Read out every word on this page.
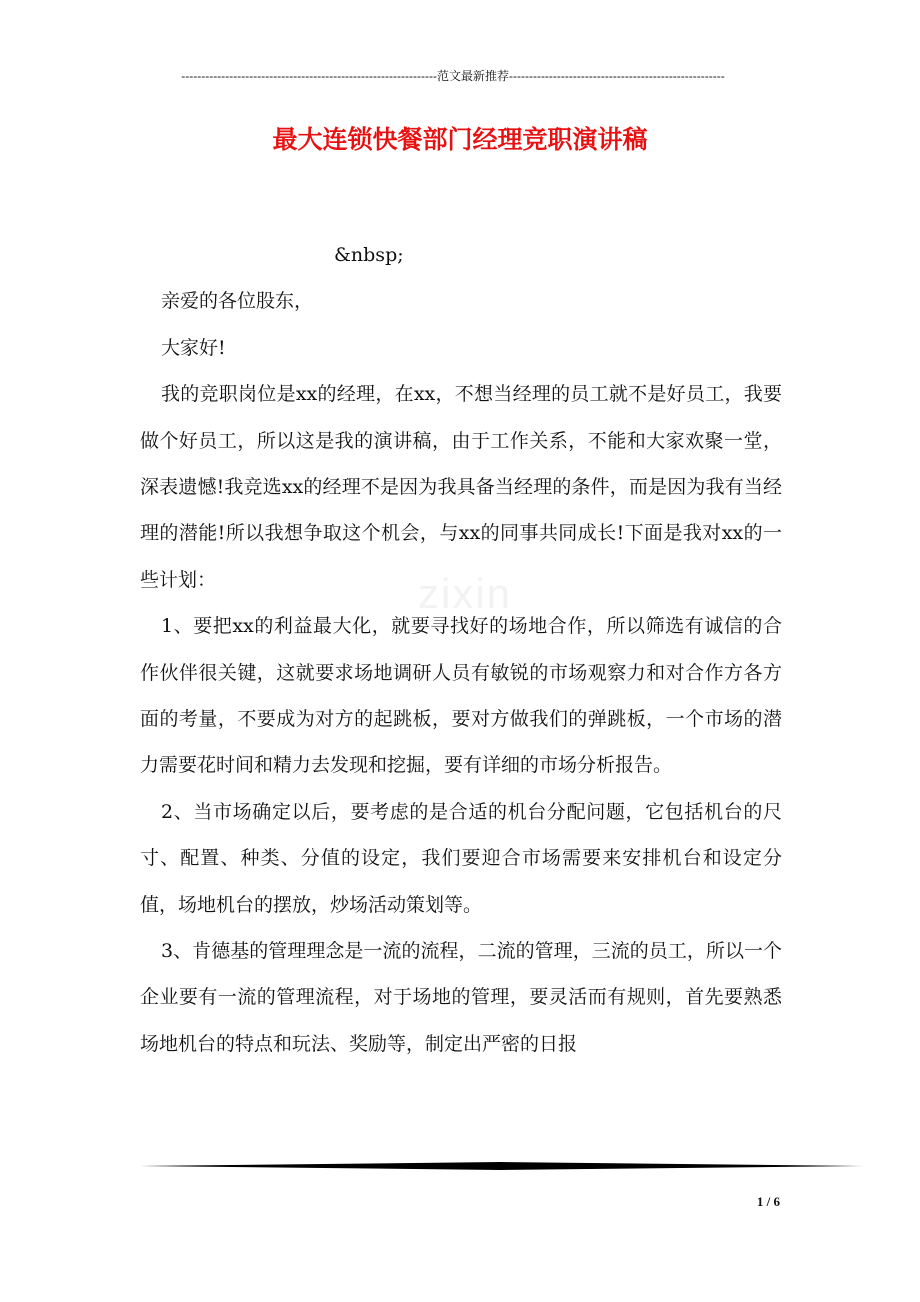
----------------------------------------------------------------范文最新推荐------------------------------------------------------
最大连锁快餐部门经理竞职演讲稿
zixin

&nbsp;

亲爱的各位股东，

大家好!

我的竞职岗位是xx的经理，在xx，不想当经理的员工就不是好员工，我要做个好员工，所以这是我的演讲稿，由于工作关系，不能和大家欢聚一堂，深表遗憾!我竞选xx的经理不是因为我具备当经理的条件，而是因为我有当经理的潜能!所以我想争取这个机会，与xx的同事共同成长!下面是我对xx的一些计划：

1、要把xx的利益最大化，就要寻找好的场地合作，所以筛选有诚信的合作伙伴很关键，这就要求场地调研人员有敏锐的市场观察力和对合作方各方面的考量，不要成为对方的起跳板，要对方做我们的弹跳板，一个市场的潜力需要花时间和精力去发现和挖掘，要有详细的市场分析报告。

2、当市场确定以后，要考虑的是合适的机台分配问题，它包括机台的尺寸、配置、种类、分值的设定，我们要迎合市场需要来安排机台和设定分值，场地机台的摆放，炒场活动策划等。

3、肯德基的管理理念是一流的流程，二流的管理，三流的员工，所以一个企业要有一流的管理流程，对于场地的管理，要灵活而有规则，首先要熟悉场地机台的特点和玩法、奖励等，制定出严密的日报

1 / 6
